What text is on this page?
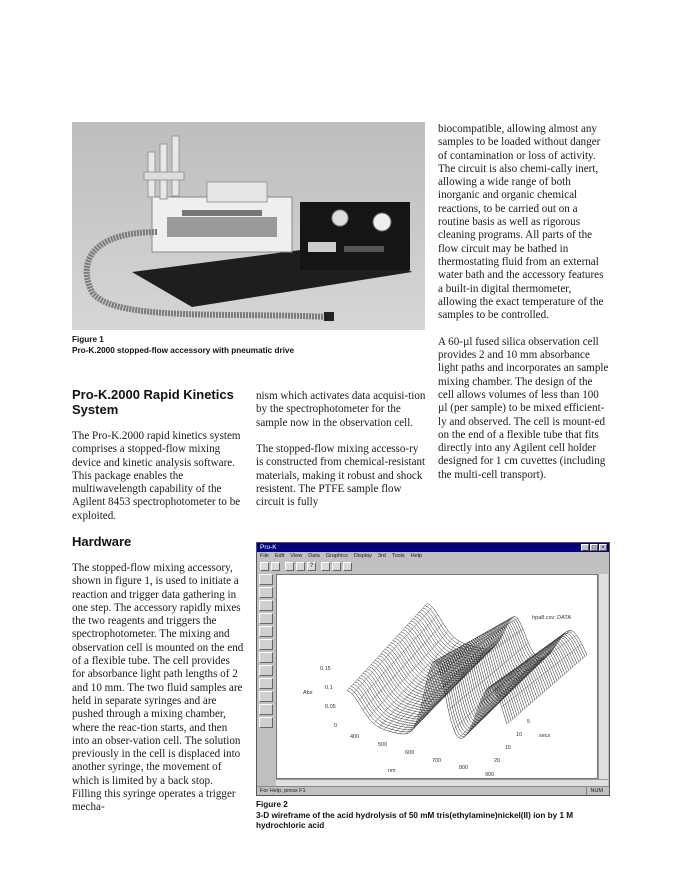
Figure 1
Pro-K.2000 stopped-flow accessory with pneumatic drive

biocompatible, allowing almost any samples to be loaded without danger of contamination or loss of activity. The circuit is also chemi-cally inert, allowing a wide range of both inorganic and organic chemical reactions, to be carried out on a routine basis as well as rigorous cleaning programs. All parts of the flow circuit may be bathed in thermostating fluid from an external water bath and the accessory features a built-in digital thermometer, allowing the exact temperature of the samples to be controlled.

A 60-µl fused silica observation cell provides 2 and 10 mm absorbance light paths and incorporates an sample mixing chamber. The design of the cell allows volumes of less than 100 µl (per sample) to be mixed efficient-ly and observed. The cell is mount-ed on the end of a flexible tube that fits directly into any Agilent cell holder designed for 1 cm cuvettes (including the multi-cell transport).

Pro-K.2000 Rapid Kinetics System

The Pro-K.2000 rapid kinetics system comprises a stopped-flow mixing device and kinetic analysis software. This package enables the multiwavelength capability of the Agilent 8453 spectrophotometer to be exploited.

nism which activates data acquisi-tion by the spectrophotometer for the sample now in the observation cell.

The stopped-flow mixing accesso-ry is constructed from chemical-resistant materials, making it robust and shock resistent. The PTFE sample flow circuit is fully

Hardware

The stopped-flow mixing accessory, shown in figure 1, is used to initiate a reaction and trigger data gathering in one step. The accessory rapidly mixes the two reagents and triggers the spectrophotometer. The mixing and observation cell is mounted on the end of a flexible tube. The cell provides for absorbance light path lengths of 2 and 10 mm. The two fluid samples are held in separate syringes and are pushed through a mixing chamber, where the reac-tion starts, and then into an obser-vation cell. The solution previously in the cell is displaced into another syringe, the movement of which is limited by a back stop. Filling this syringe operates a trigger mecha-

Pro-K	_ □ ×
File Edit View Data Graphics Display 3rd Tools Help
?
hpa8.csv: DATA
Abs
0.15
0.1
0.05
0
400
500
600
700
800
900
nm
5
10
15
20
secs
For Help, press F1	NUM
Figure 2
3-D wireframe of the acid hydrolysis of 50 mM tris(ethylamine)nickel(II) ion by 1 M hydrochloric acid
